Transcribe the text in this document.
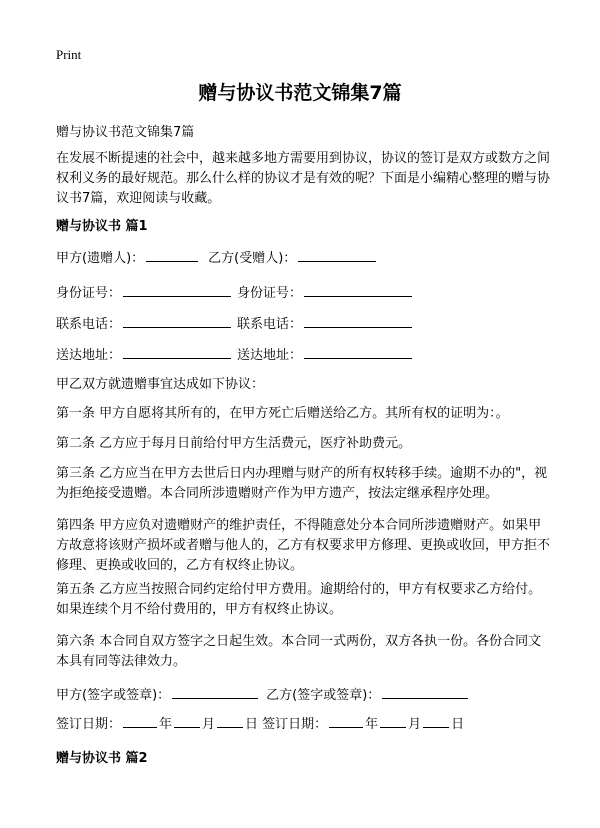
Print
赠与协议书范文锦集7篇
赠与协议书范文锦集7篇
在发展不断提速的社会中，越来越多地方需要用到协议，协议的签订是双方或数方之间权利义务的最好规范。那么什么样的协议才是有效的呢？下面是小编精心整理的赠与协议书7篇，欢迎阅读与收藏。
赠与协议书 篇1
甲方(遗赠人)：	乙方(受赠人)：
身份证号：	身份证号：
联系电话：	联系电话：
送达地址：	送达地址：
甲乙双方就遗赠事宜达成如下协议：
第一条 甲方自愿将其所有的，在甲方死亡后赠送给乙方。其所有权的证明为：。
第二条 乙方应于每月日前给付甲方生活费元，医疗补助费元。
第三条 乙方应当在甲方去世后日内办理赠与财产的所有权转移手续。逾期不办的"，视为拒绝接受遗赠。本合同所涉遗赠财产作为甲方遗产，按法定继承程序处理。
第四条 甲方应负对遗赠财产的维护责任，不得随意处分本合同所涉遗赠财产。如果甲方故意将该财产损坏或者赠与他人的，乙方有权要求甲方修理、更换或收回，甲方拒不修理、更换或收回的，乙方有权终止协议。
第五条 乙方应当按照合同约定给付甲方费用。逾期给付的，甲方有权要求乙方给付。如果连续个月不给付费用的，甲方有权终止协议。
第六条 本合同自双方签字之日起生效。本合同一式两份，双方各执一份。各份合同文本具有同等法律效力。
甲方(签字或签章)：	乙方(签字或签章)：
签订日期：	年 月 日 签订日期：	年 月 日
赠与协议书 篇2
